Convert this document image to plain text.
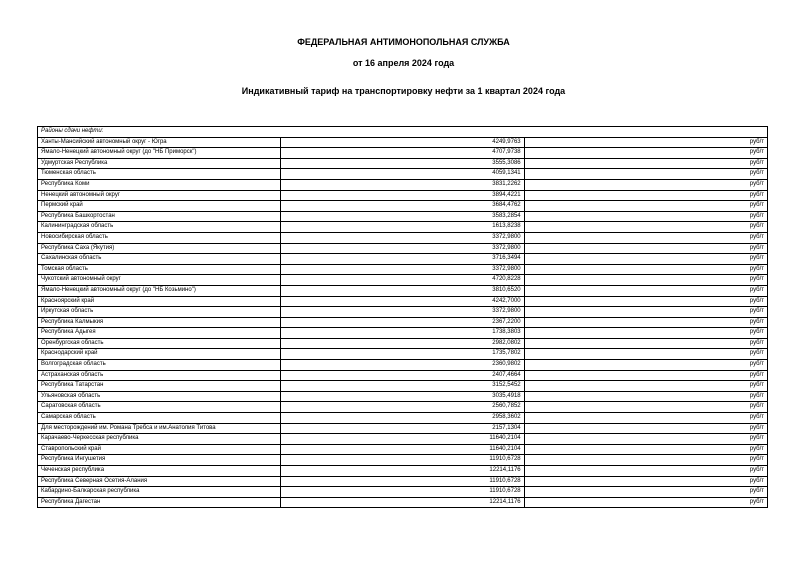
ФЕДЕРАЛЬНАЯ АНТИМОНОПОЛЬНАЯ СЛУЖБА
от 16 апреля 2024 года
Индикативный тариф на транспортировку нефти за 1 квартал 2024 года
Районы сдачи нефти:		
Ханты-Мансийский автономный округ - Югра	4249,9763	руб/т
Ямало-Ненецкий автономный округ (до "НБ Приморск")	4707,9738	руб/т
Удмуртская Республика	3555,3086	руб/т
Тюменская область	4059,1341	руб/т
Республика Коми	3831,2262	руб/т
Ненецкий автономный округ	3894,4221	руб/т
Пермский край	3684,4762	руб/т
Республика Башкортостан	3583,2854	руб/т
Калининградская область	1613,8238	руб/т
Новосибирская область	3372,9800	руб/т
Республика Саха (Якутия)	3372,9800	руб/т
Сахалинская область	3716,3494	руб/т
Томская область	3372,9800	руб/т
Чукотский автономный округ	4720,8228	руб/т
Ямало-Ненецкий автономный округ (до "НБ Козьмино")	3810,6520	руб/т
Красноярский край	4242,7000	руб/т
Иркутская область	3372,9800	руб/т
Республика Калмыкия	2367,2200	руб/т
Республика Адыгея	1738,3803	руб/т
Оренбургская область	2982,0802	руб/т
Краснодарский край	1735,7802	руб/т
Волгоградская область	2360,9802	руб/т
Астраханская область	2407,4664	руб/т
Республика Татарстан	3152,5452	руб/т
Ульяновская область	3035,4918	руб/т
Саратовская область	2560,7852	руб/т
Самарская область	2958,3602	руб/т
Для месторождений им. Романа Требса и им.Анатолия Титова	2157,1304	руб/т
Карачаево-Черкесская республика	11640,2104	руб/т
Ставропольский край	11640,2104	руб/т
Республика Ингушетия	11910,6728	руб/т
Чеченская республика	12214,1176	руб/т
Республика Северная Осетия-Алания	11910,6728	руб/т
Кабардино-Балкарская республика	11910,6728	руб/т
Республика Дагестан	12214,1176	руб/т
